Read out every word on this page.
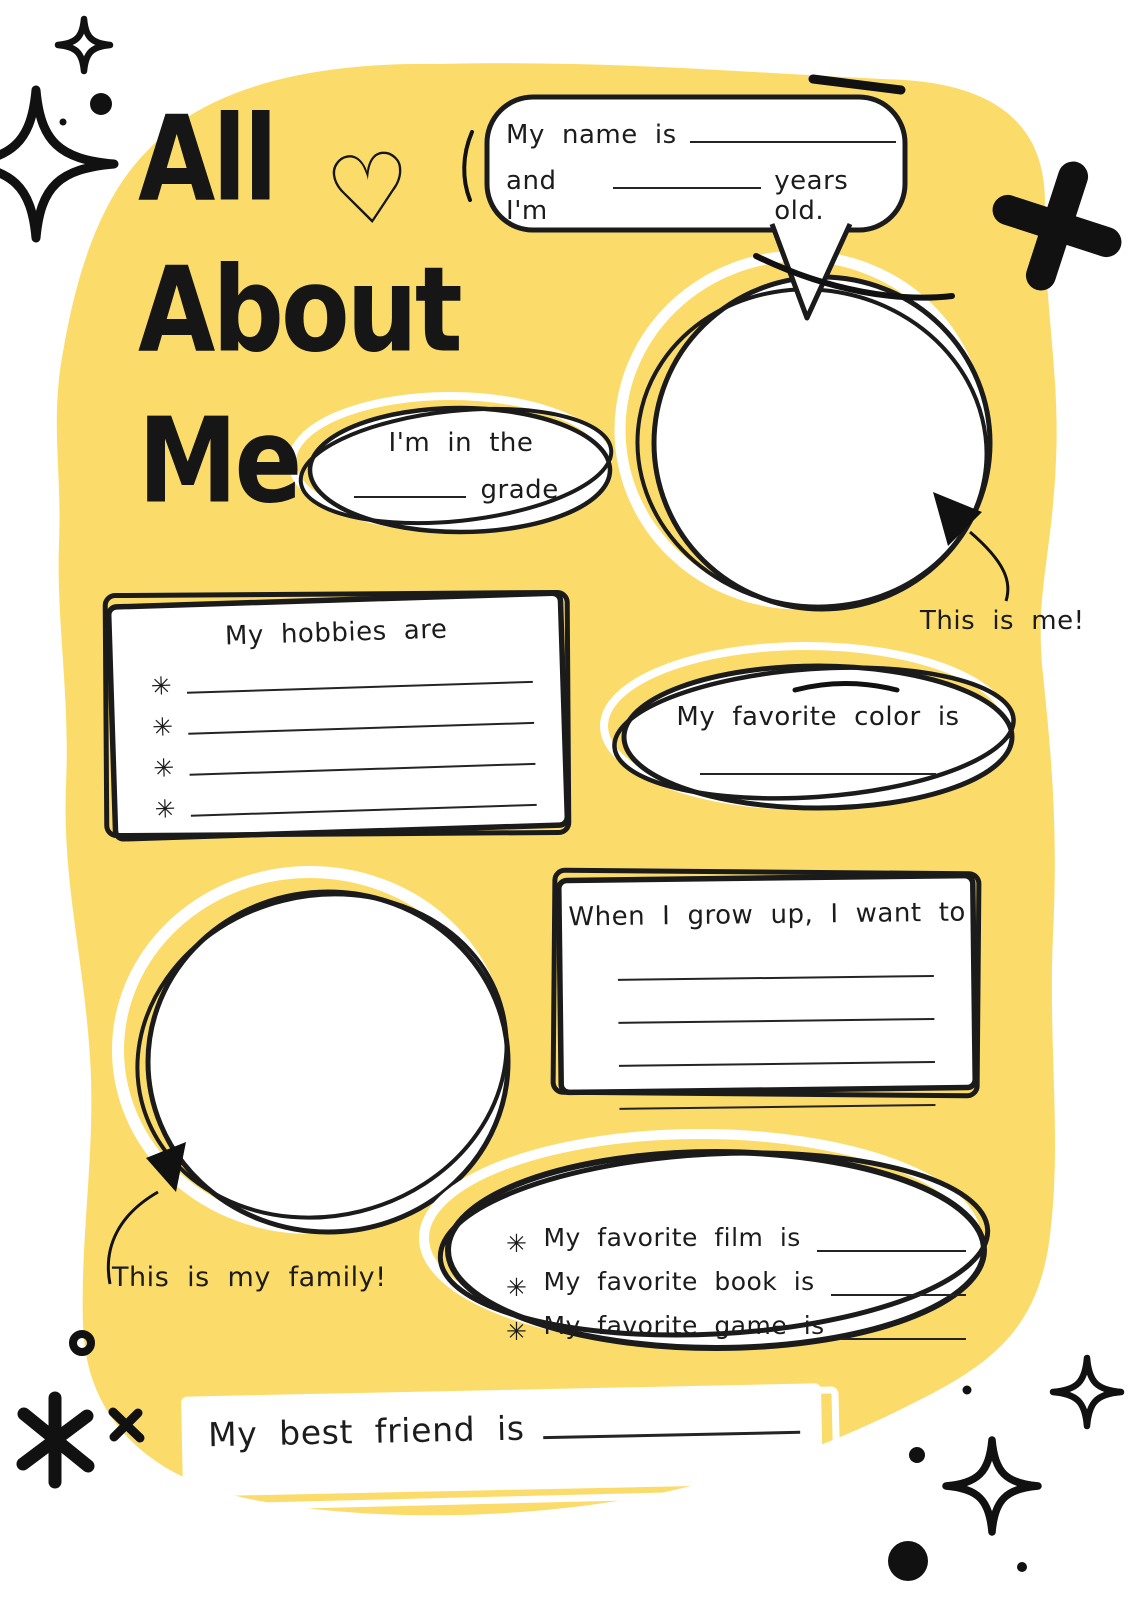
All
About
Me
♡	My name is
and I'm
years old.
This is me!
I'm in the
grade.
My hobbies are
✳
✳
✳
✳
My favorite color is
When I grow up, I want to
This is my family!
✳ My favorite film is
✳ My favorite book is
✳ My favorite game is
My best friend is
